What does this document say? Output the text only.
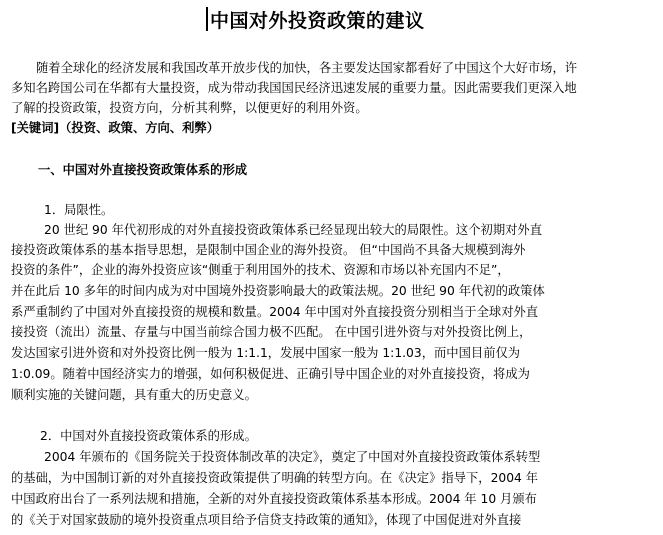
中国对外投资政策的建议
随着全球化的经济发展和我国改革开放步伐的加快，各主要发达国家都看好了中国这个大好市场，许
多知名跨国公司在华都有大量投资，成为带动我国国民经济迅速发展的重要力量。因此需要我们更深入地
了解的投资政策，投资方向，分析其利弊，以便更好的利用外资。
[关键词]（投资、政策、方向、利弊）
一、中国对外直接投资政策体系的形成
1．局限性。
20 世纪 90 年代初形成的对外直接投资政策体系已经显现出较大的局限性。这个初期对外直
接投资政策体系的基本指导思想，是限制中国企业的海外投资。 但“中国尚不具备大规模到海外
投资的条件”，企业的海外投资应该“侧重于利用国外的技术、资源和市场以补充国内不足”，
并在此后 10 多年的时间内成为对中国境外投资影响最大的政策法规。20 世纪 90 年代初的政策体
系严重制约了中国对外直接投资的规模和数量。2004 年中国对外直接投资分别相当于全球对外直
接投资（流出）流量、存量与中国当前综合国力极不匹配。 在中国引进外资与对外投资比例上，
发达国家引进外资和对外投资比例一般为 1:1.1，发展中国家一般为 1:1.03，而中国目前仅为
1:0.09。随着中国经济实力的增强，如何积极促进、正确引导中国企业的对外直接投资，将成为
顺利实施的关键问题，具有重大的历史意义。
2．中国对外直接投资政策体系的形成。
2004 年颁布的《国务院关于投资体制改革的决定》，奠定了中国对外直接投资政策体系转型
的基础，为中国制订新的对外直接投资政策提供了明确的转型方向。在《决定》指导下，2004 年
中国政府出台了一系列法规和措施，全新的对外直接投资政策体系基本形成。2004 年 10 月颁布
的《关于对国家鼓励的境外投资重点项目给予信贷支持政策的通知》，体现了中国促进对外直接
